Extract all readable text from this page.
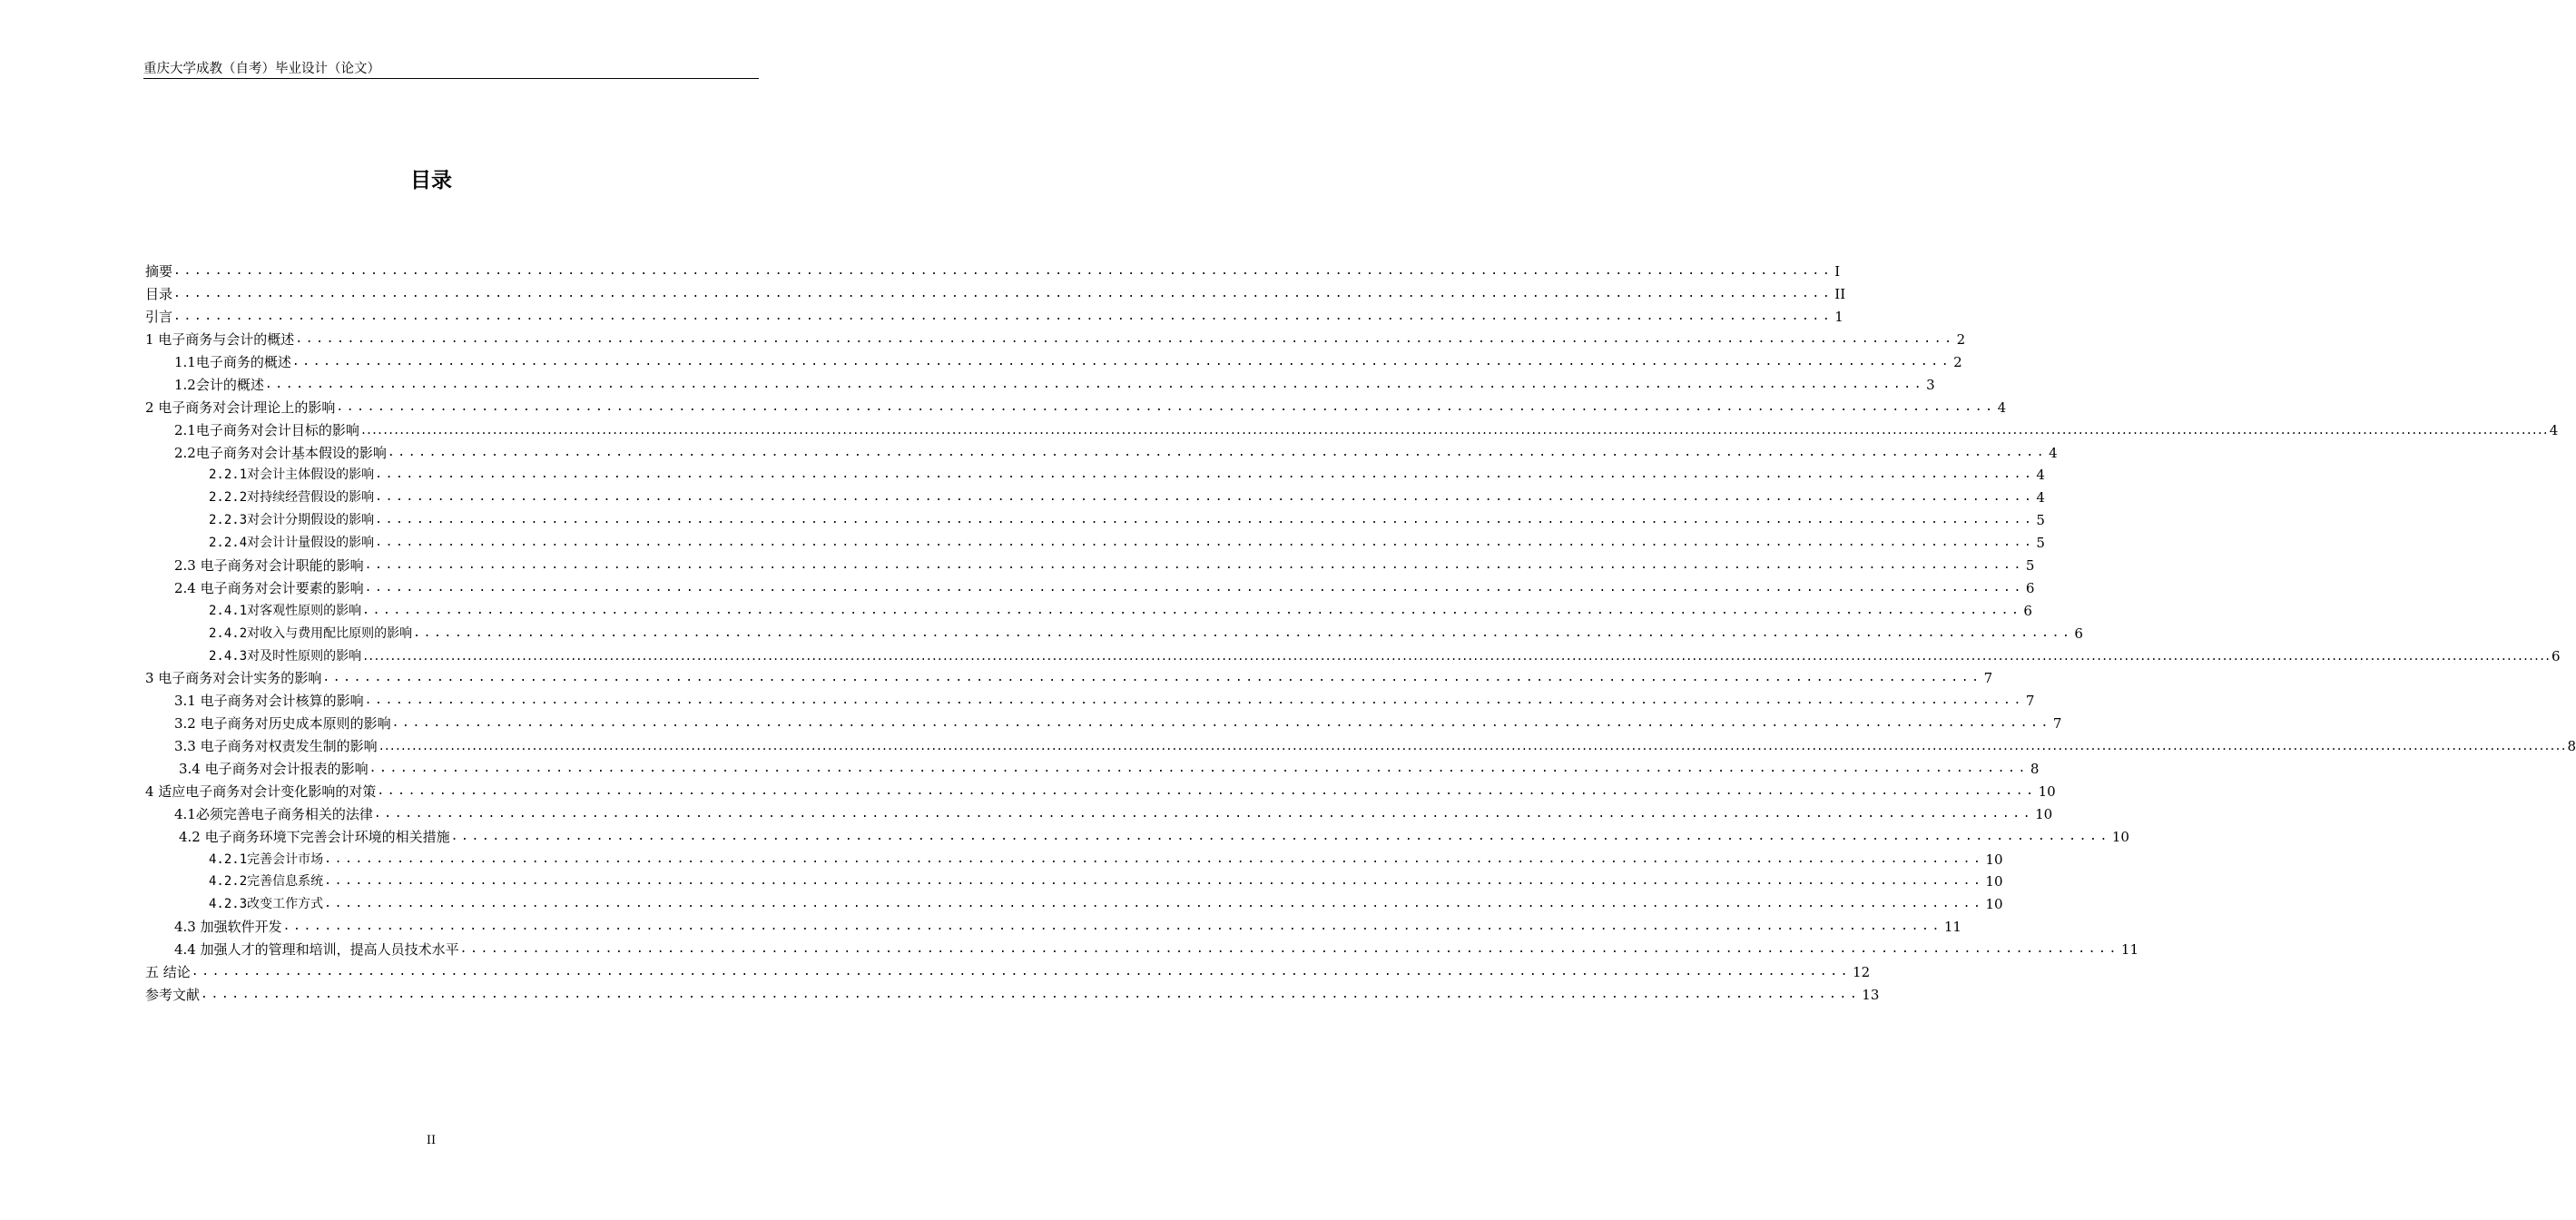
重庆大学成教（自考）毕业设计（论文）
目录
摘要 ................................................................................................................................................................ I
目录 ................................................................................................................................................................ II
引言 ................................................................................................................................................................ 1
1 电子商务与会计的概述 ................................................................................................................................................................ 2
1.1电子商务的概述 ................................................................................................................................................................ 2
1.2会计的概述 ................................................................................................................................................................ 3
2 电子商务对会计理论上的影响 ................................................................................................................................................................ 4
2.1电子商务对会计目标的影响 ................................................................................................................................................................................................................................................................................................................................................................................................................ 4
2.2电子商务对会计基本假设的影响 ................................................................................................................................................................ 4
2.2.1对会计主体假设的影响 ................................................................................................................................................................ 4
2.2.2对持续经营假设的影响 ................................................................................................................................................................ 4
2.2.3对会计分期假设的影响 ................................................................................................................................................................ 5
2.2.4对会计计量假设的影响 ................................................................................................................................................................ 5
2.3 电子商务对会计职能的影响 ................................................................................................................................................................ 5
2.4 电子商务对会计要素的影响 ................................................................................................................................................................ 6
2.4.1对客观性原则的影响 ................................................................................................................................................................ 6
2.4.2对收入与费用配比原则的影响 ................................................................................................................................................................ 6
2.4.3对及时性原则的影响 ................................................................................................................................................................................................................................................................................................................................................................................................................ 6
3 电子商务对会计实务的影响 ................................................................................................................................................................ 7
3.1 电子商务对会计核算的影响 ................................................................................................................................................................ 7
3.2 电子商务对历史成本原则的影响 ................................................................................................................................................................ 7
3.3 电子商务对权责发生制的影响 ................................................................................................................................................................................................................................................................................................................................................................................................................ 8
3.4 电子商务对会计报表的影响 ................................................................................................................................................................ 8
4 适应电子商务对会计变化影响的对策 ................................................................................................................................................................ 10
4.1必须完善电子商务相关的法律 ................................................................................................................................................................ 10
4.2 电子商务环境下完善会计环境的相关措施 ................................................................................................................................................................ 10
4.2.1完善会计市场 ................................................................................................................................................................ 10
4.2.2完善信息系统 ................................................................................................................................................................ 10
4.2.3改变工作方式 ................................................................................................................................................................ 10
4.3 加强软件开发 ................................................................................................................................................................ 11
4.4 加强人才的管理和培训，提高人员技术水平 ................................................................................................................................................................ 11
五 结论 ................................................................................................................................................................ 12
参考文献 ................................................................................................................................................................ 13
II
